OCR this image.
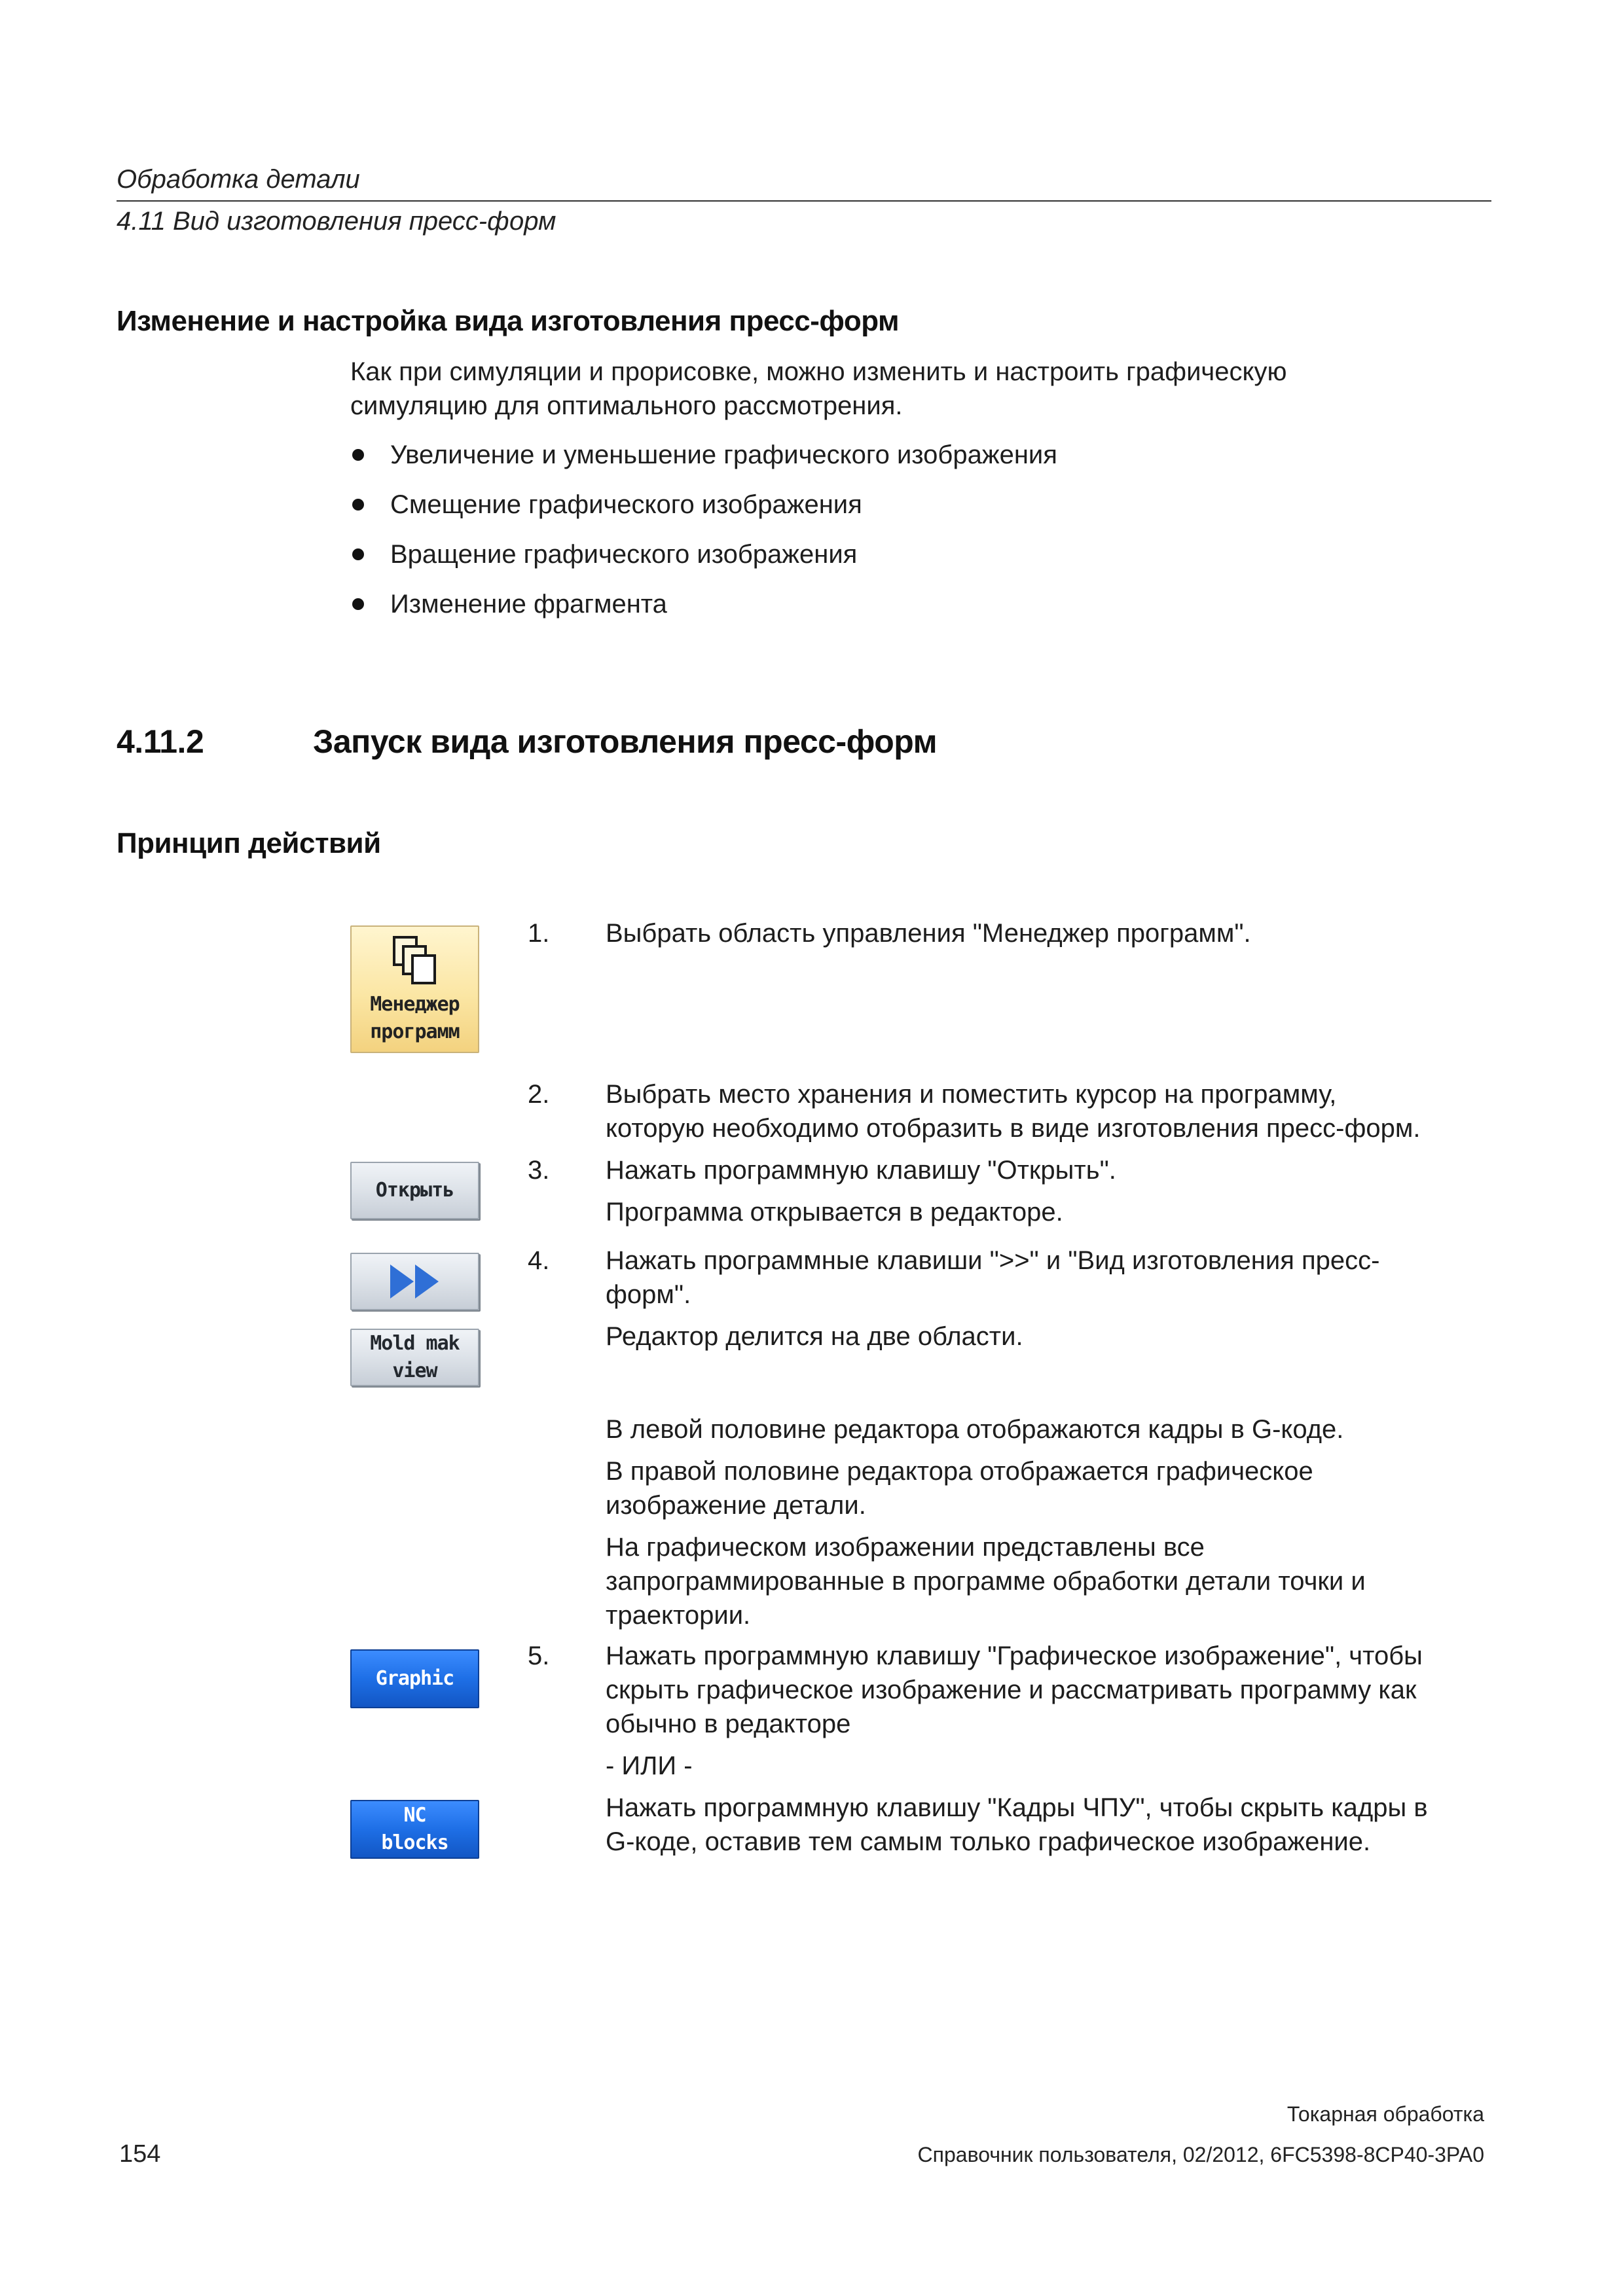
Обработка детали
4.11 Вид изготовления пресс-форм
Изменение и настройка вида изготовления пресс-форм
Как при симуляции и прорисовке, можно изменить и настроить графическую
симуляцию для оптимального рассмотрения.
Увеличение и уменьшение графического изображения
Смещение графического изображения
Вращение графического изображения
Изменение фрагмента
4.11.2	Запуск вида изготовления пресс-форм
Принцип действий
Менеджер
программ
1. Выбрать область управления "Менеджер программ".
2. Выбрать место хранения и поместить курсор на программу,
которую необходимо отобразить в виде изготовления пресс-форм.
Открыть
3. Нажать программную клавишу "Открыть".
Программа открывается в редакторе.
Mold mak
view
4. Нажать программные клавиши ">>" и "Вид изготовления пресс-
форм".
Редактор делится на две области.
В левой половине редактора отображаются кадры в G-коде.
В правой половине редактора отображается графическое
изображение детали.
На графическом изображении представлены все
запрограммированные в программе обработки детали точки и
траектории.
Graphic
5. Нажать программную клавишу "Графическое изображение", чтобы
скрыть графическое изображение и рассматривать программу как
обычно в редакторе
- ИЛИ -
NC
blocks
Нажать программную клавишу "Кадры ЧПУ", чтобы скрыть кадры в
G-коде, оставив тем самым только графическое изображение.
Токарная обработка
154	Справочник пользователя, 02/2012, 6FC5398-8CP40-3PA0
